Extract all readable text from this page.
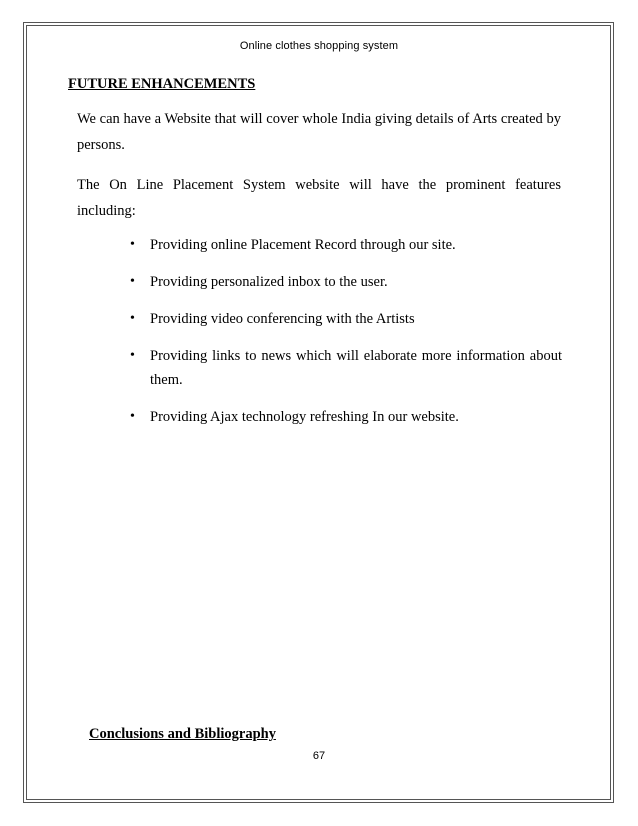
Online clothes shopping system
FUTURE ENHANCEMENTS
We can have a Website that will cover whole India giving details of Arts created by persons.
The On Line Placement System website will have the prominent features including:
• Providing online Placement Record through our site.
• Providing personalized inbox to the user.
• Providing video conferencing with the Artists
• Providing links to news which will elaborate more information about them.
• Providing Ajax technology refreshing In our website.
Conclusions and Bibliography
67
